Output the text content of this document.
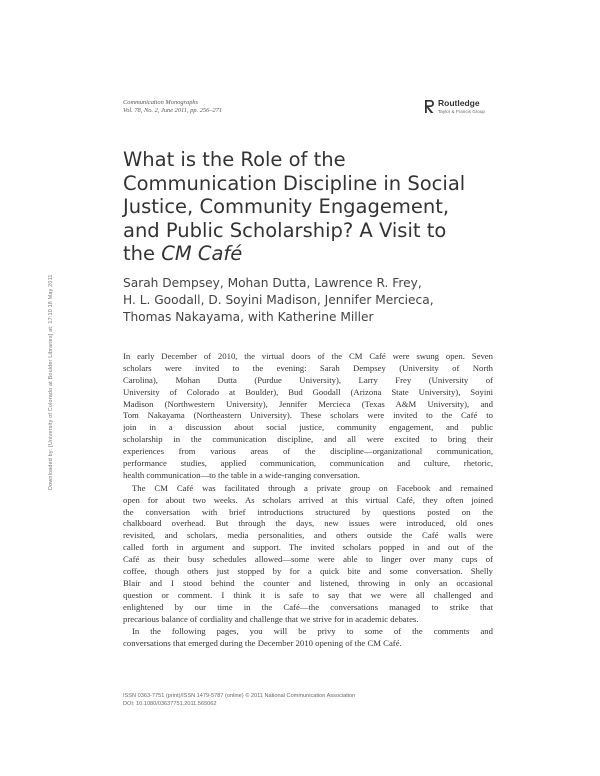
Communication Monographs
Vol. 78, No. 2, June 2011, pp. 256–271
Routledge
Taylor & Francis Group
What is the Role of the
Communication Discipline in Social
Justice, Community Engagement,
and Public Scholarship? A Visit to
the CM Café
Sarah Dempsey, Mohan Dutta, Lawrence R. Frey,
H. L. Goodall, D. Soyini Madison, Jennifer Mercieca,
Thomas Nakayama, with Katherine Miller
Downloaded by: [University of Colorado at Boulder Libraries] at: 17:10 18 May 2011	In early December of 2010, the virtual doors of the CM Café were swung open. Seven
scholars were invited to the evening: Sarah Dempsey (University of North
Carolina), Mohan Dutta (Purdue University), Larry Frey (University of
University of Colorado at Boulder), Bud Goodall (Arizona State University), Soyini
Madison (Northwestern University), Jennifer Mercieca (Texas A&M University), and
Tom Nakayama (Northeastern University). These scholars were invited to the Café to
join in a discussion about social justice, community engagement, and public
scholarship in the communication discipline, and all were excited to bring their
experiences from various areas of the discipline—organizational communication,
performance studies, applied communication, communication and culture, rhetoric,
health communication—to the table in a wide-ranging conversation.
The CM Café was facilitated through a private group on Facebook and remained
open for about two weeks. As scholars arrived at this virtual Café, they often joined
the conversation with brief introductions structured by questions posted on the
chalkboard overhead. But through the days, new issues were introduced, old ones
revisited, and scholars, media personalities, and others outside the Café walls were
called forth in argument and support. The invited scholars popped in and out of the
Café as their busy schedules allowed—some were able to linger over many cups of
coffee, though others just stopped by for a quick bite and some conversation. Shelly
Blair and I stood behind the counter and listened, throwing in only an occasional
question or comment. I think it is safe to say that we were all challenged and
enlightened by our time in the Café—the conversations managed to strike that
precarious balance of cordiality and challenge that we strive for in academic debates.
In the following pages, you will be privy to some of the comments and
conversations that emerged during the December 2010 opening of the CM Café.
ISSN 0363-7751 (print)/ISSN 1479-5787 (online) © 2011 National Communication Association
DOI: 10.1080/03637751.2011.565062
